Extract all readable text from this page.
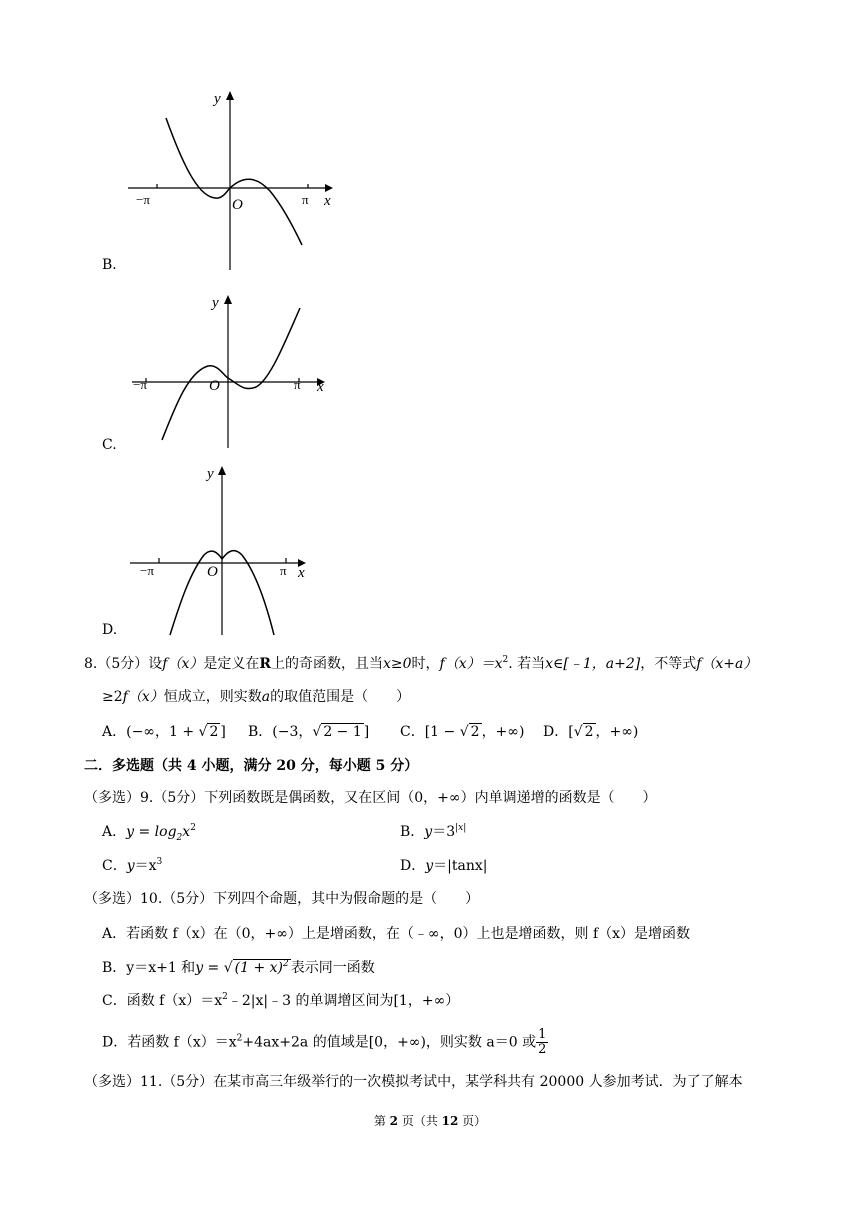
y
x
O
−π	π
B.
y
x
O
−π	π
C.
y
x
O
−π	π
D.
8.（5分）设f（x）是定义在R上的奇函数，且当x≥0时，$f(x)=x^2$. 若当x∈[﹣1，a+2]，不等式f（x+a）
≥2f（x）恒成立，则实数a的取值范围是（　　）
A．(−∞，1 + √ 2 ] B．(−3，√ 2 − 1 ] C．[1 − √ 2 ，+∞) D．[√ 2 ，+∞)
二．多选题（共 4 小题，满分 20 分，每小题 5 分）
（多选）9.（5分）下列函数既是偶函数，又在区间（0，+∞）内单调递增的函数是（　　）
A．$y = \log_2x^2$	B．$y=3^{|x|}$
C．$y=x^3$	D．y＝|tanx|
（多选）10.（5分）下列四个命题，其中为假命题的是（　　）
A．若函数 f（x）在（0，+∞）上是增函数，在（﹣∞，0）上也是增函数，则 f（x）是增函数
B．y＝x+1 和y = √ $(1 + x)^2$ 表示同一函数
C．函数 $f(x)=x^2﹣2|x|﹣3$ 的单调增区间为[1，+∞）
D．若函数 $f(x)=x^2+4ax+2a$ 的值域是[0，+∞)，则实数 a＝0 或 $\frac{1}{2}$
（多选）11.（5分）在某市高三年级举行的一次模拟考试中，某学科共有 20000 人参加考试．为了了解本
第 2 页（共 12 页）
